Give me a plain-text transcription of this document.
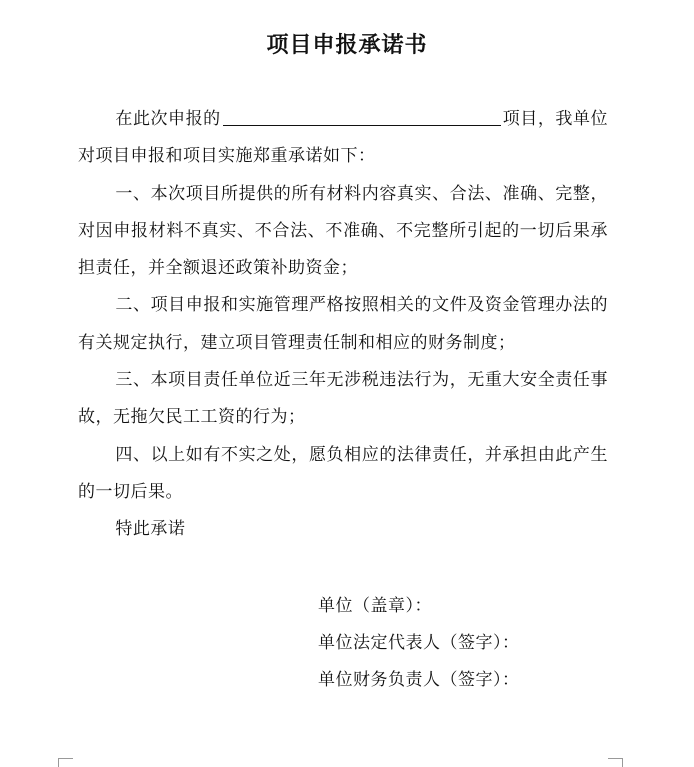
项目申报承诺书

在此次申报的	项目，我单位对项目申报和项目实施郑重承诺如下：

一、本次项目所提供的所有材料内容真实、合法、准确、完整，对因申报材料不真实、不合法、不准确、不完整所引起的一切后果承担责任，并全额退还政策补助资金；

二、项目申报和实施管理严格按照相关的文件及资金管理办法的有关规定执行，建立项目管理责任制和相应的财务制度；

三、本项目责任单位近三年无涉税违法行为，无重大安全责任事故，无拖欠民工工资的行为；

四、以上如有不实之处，愿负相应的法律责任，并承担由此产生的一切后果。

特此承诺

单位（盖章）：
单位法定代表人（签字）：
单位财务负责人（签字）：
